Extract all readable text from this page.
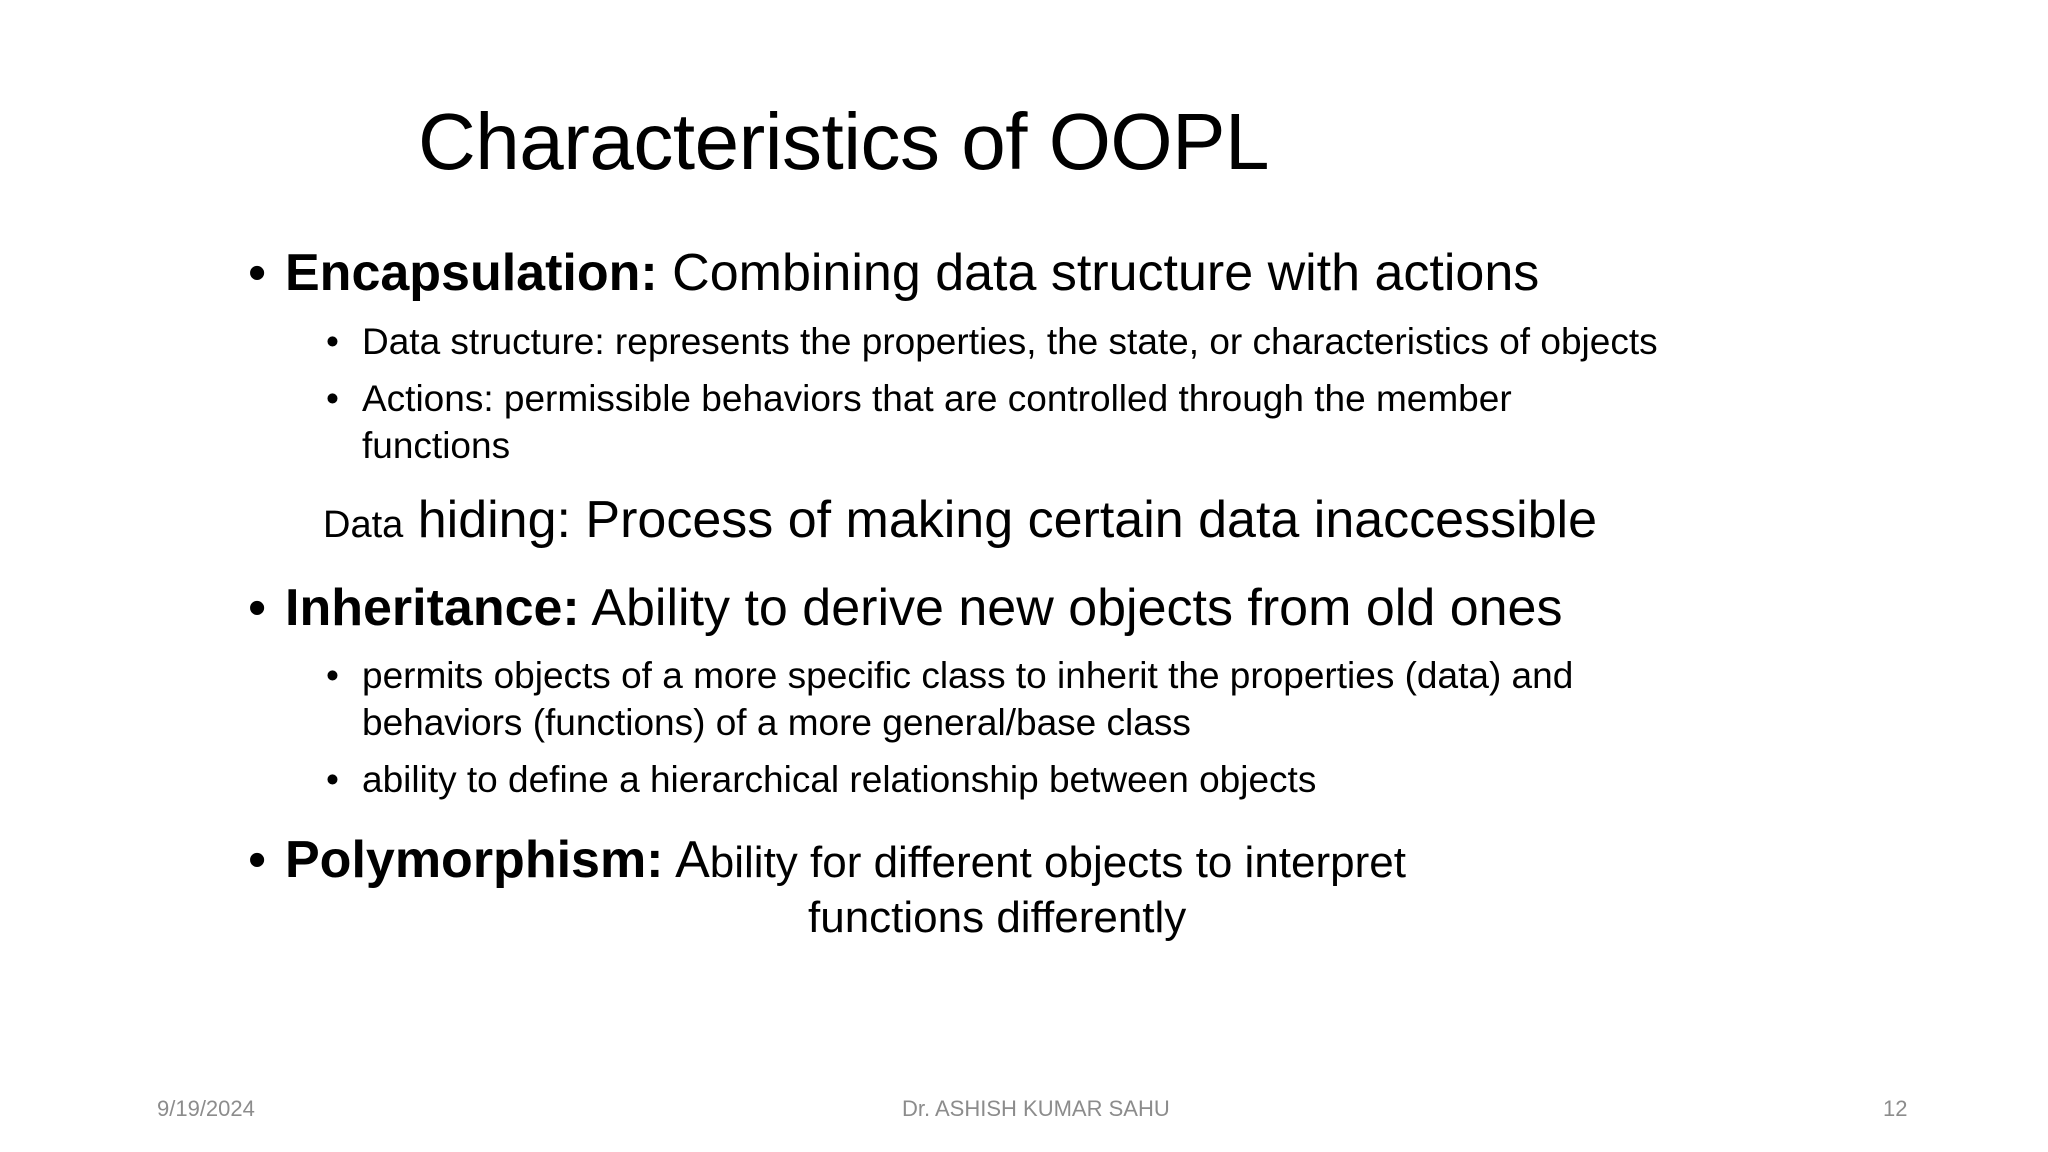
Characteristics of OOPL
• Encapsulation: Combining data structure with actions
• Data structure: represents the properties, the state, or characteristics of objects
• Actions: permissible behaviors that are controlled through the member
functions
Data hiding: Process of making certain data inaccessible
• Inheritance: Ability to derive new objects from old ones
• permits objects of a more specific class to inherit the properties (data) and
behaviors (functions) of a more general/base class
• ability to define a hierarchical relationship between objects
• Polymorphism: Ability for different objects to interpret
functions differently
9/19/2024	Dr. ASHISH KUMAR SAHU	12
